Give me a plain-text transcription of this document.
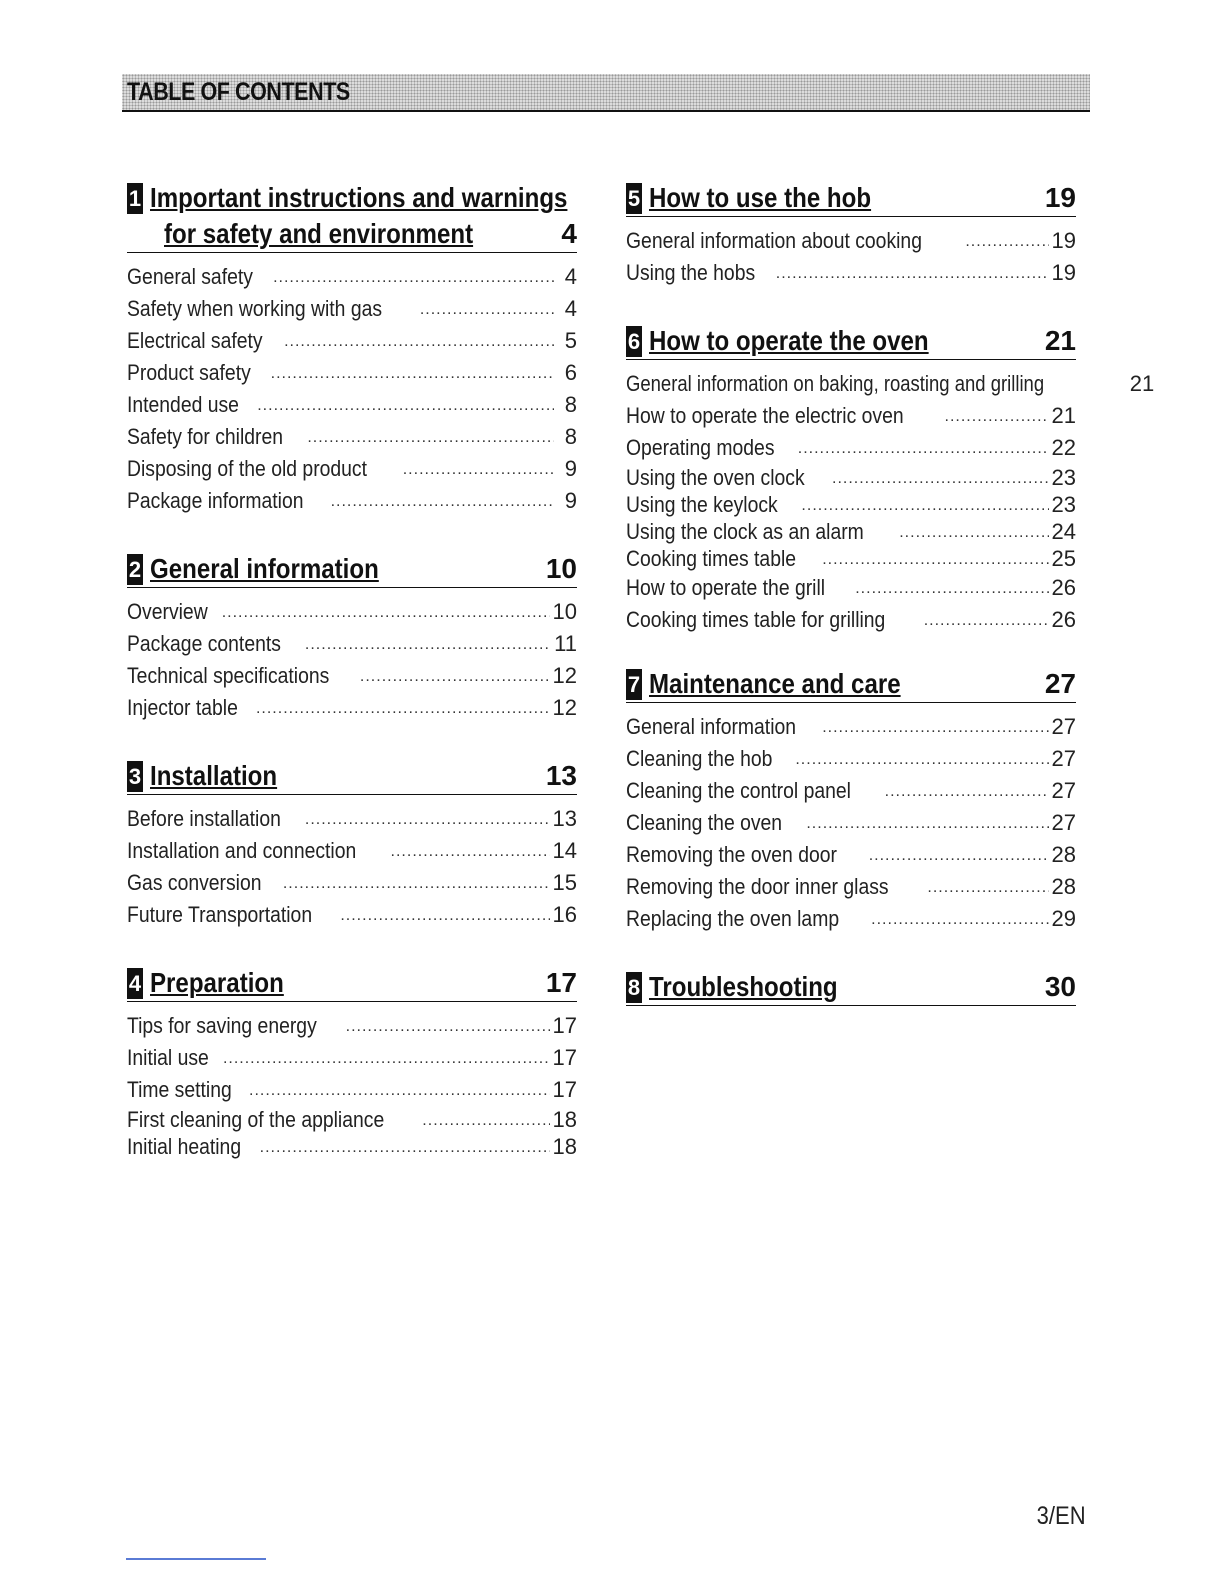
TABLE OF CONTENTS
1 Important instructions and warnings
for safety and environment	4
General safety .....	4
Safety when working with gas .....	4
Electrical safety .....	5
Product safety .....	6
Intended use .....	8
Safety for children .....	8
Disposing of the old product .....	9
Package information .....	9
2 General information	10
Overview .....	10
Package contents .....	11
Technical specifications .....	12
Injector table .....	12
3 Installation	13
Before installation .....	13
Installation and connection .....	14
Gas conversion .....	15
Future Transportation .....	16
4 Preparation	17
Tips for saving energy .....	17
Initial use .....	17
Time setting .....	17
First cleaning of the appliance .....	18
Initial heating .....	18
5 How to use the hob	19
General information about cooking .....	19
Using the hobs .....	19
6 How to operate the oven	21
General information on baking, roasting and grilling	21
How to operate the electric oven .....	21
Operating modes .....	22
Using the oven clock .....	23
Using the keylock .....	23
Using the clock as an alarm .....	24
Cooking times table .....	25
How to operate the grill .....	26
Cooking times table for grilling .....	26
7 Maintenance and care	27
General information .....	27
Cleaning the hob .....	27
Cleaning the control panel .....	27
Cleaning the oven .....	27
Removing the oven door .....	28
Removing the door inner glass .....	28
Replacing the oven lamp .....	29
8 Troubleshooting	30
3/EN
